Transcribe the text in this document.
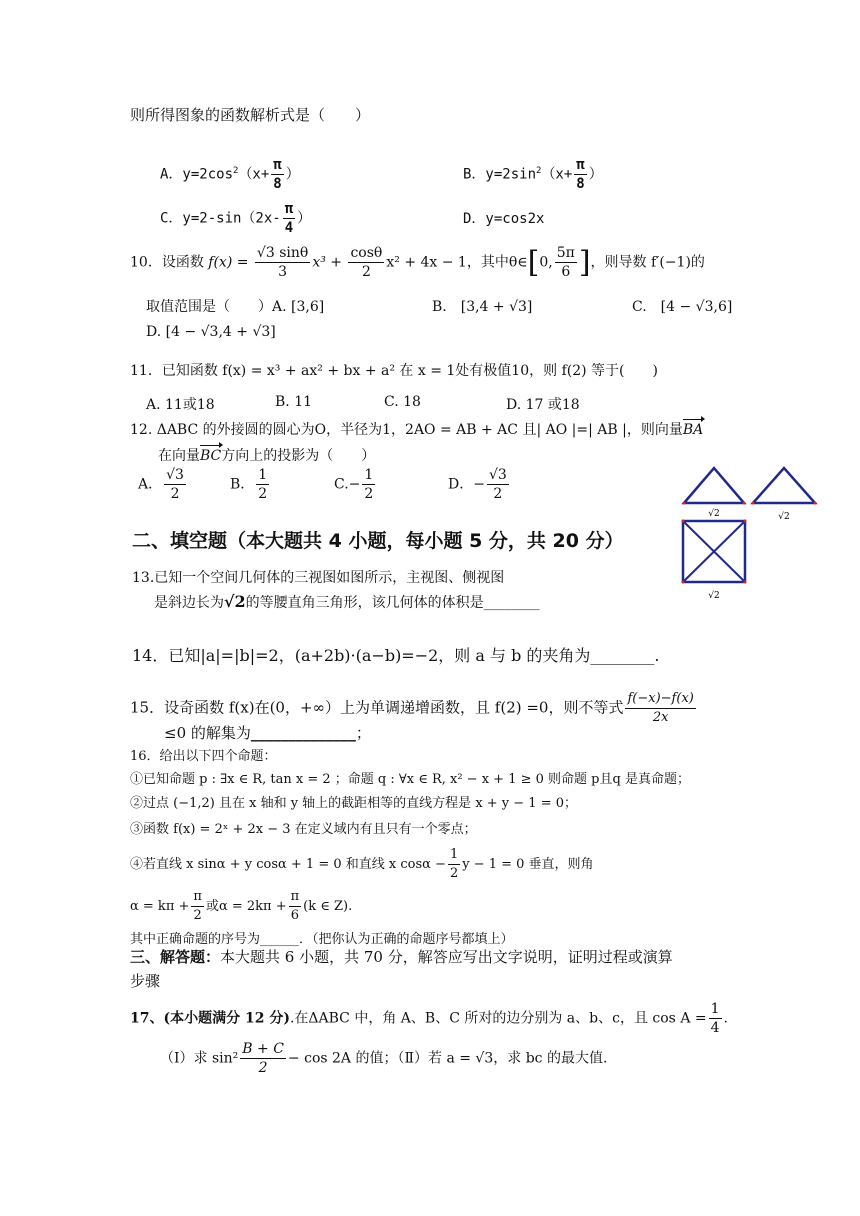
则所得图象的函数解析式是（　　）
A．$y=2\cos^2(x+ \frac{\pi}{8}$ ）	B．$y=2\sin^2(x+ \frac{\pi}{8}$ ）
C．$y=2-\sin(2x- \frac{\pi}{4}$ ）	D．y=cos2x
10．设函数 $f(x) = \frac{√3 \sin\theta}{3} x^3 + \frac{\cos\theta}{2} x^2 + 4x - 1$，其中θ∈[0, $\frac{5\pi}{6}$ ]，则导数 f′(−1)的
取值范围是（　　）A. [3,6]	B.　[3,4 + √3]	C.　[4 − √3,6]
D. [4 − √3,4 + √3]
11．已知函数 f(x) = x³ + ax² + bx + a² 在 x = 1处有极值10，则 f(2) 等于(　　)
A. 11或18	B. 11	C. 18	D. 17 或18
12. ΔABC 的外接圆的圆心为O，半径为1，2AO = AB + AC 且| AO |=| AB |，则向量BA
在向量BC方向上的投影为（　　）
A． $\frac{√3}{2}$	B． $\frac{1}{2}$	$C.- \frac{1}{2}$	D．− $\frac{√3}{2}$
二、填空题（本大题共 4 小题，每小题 5 分，共 20 分）
√2	√2
√2
13.已知一个空间几何体的三视图如图所示，主视图、侧视图
是斜边长为√2的等腰直角三角形，该几何体的体积是________
14．已知|a|=|b|=2，(a+2b)·(a−b)=−2，则 a 与 b 的夹角为________.
15．设奇函数 f(x)在(0，+∞）上为单调递增函数，且 f(2) =0，则不等式 $\frac{f(-x)-f(x)}{2x}$
≤0 的解集为______________；
16．给出以下四个命题：
①已知命题 p : ∃x ∈ R, tan x = 2 ；命题 q : ∀x ∈ R, x² − x + 1 ≥ 0 则命题 p且q 是真命题；
②过点 (−1,2) 且在 x 轴和 y 轴上的截距相等的直线方程是 x + y − 1 = 0；
③函数 f(x) = 2ˣ + 2x − 3 在定义域内有且只有一个零点；
④若直线 x sinα + y cosα + 1 = 0 和直线 x $\cos\alpha - \frac{1}{2}$ y − 1 = 0 垂直，则角
$\alpha = k\pi + \frac{\pi}{2}$ 或$\alpha = 2k\pi + \frac{\pi}{6} (k$ ∈ Z).
其中正确命题的序号为______．（把你认为正确的命题序号都填上）
三、解答题：本大题共 6 小题，共 70 分，解答应写出文字说明，证明过程或演算
步骤
17、(本小题满分 12 分).在ΔABC 中，角 A、B、C 所对的边分别为 a、b、c，且 $\cos A = \frac{1}{4}$ .
（Ⅰ）求 $\sin^2 \frac{B + C}{2} - \cos 2A$ 的值；（Ⅱ）若 a = √3，求 bc 的最大值.
